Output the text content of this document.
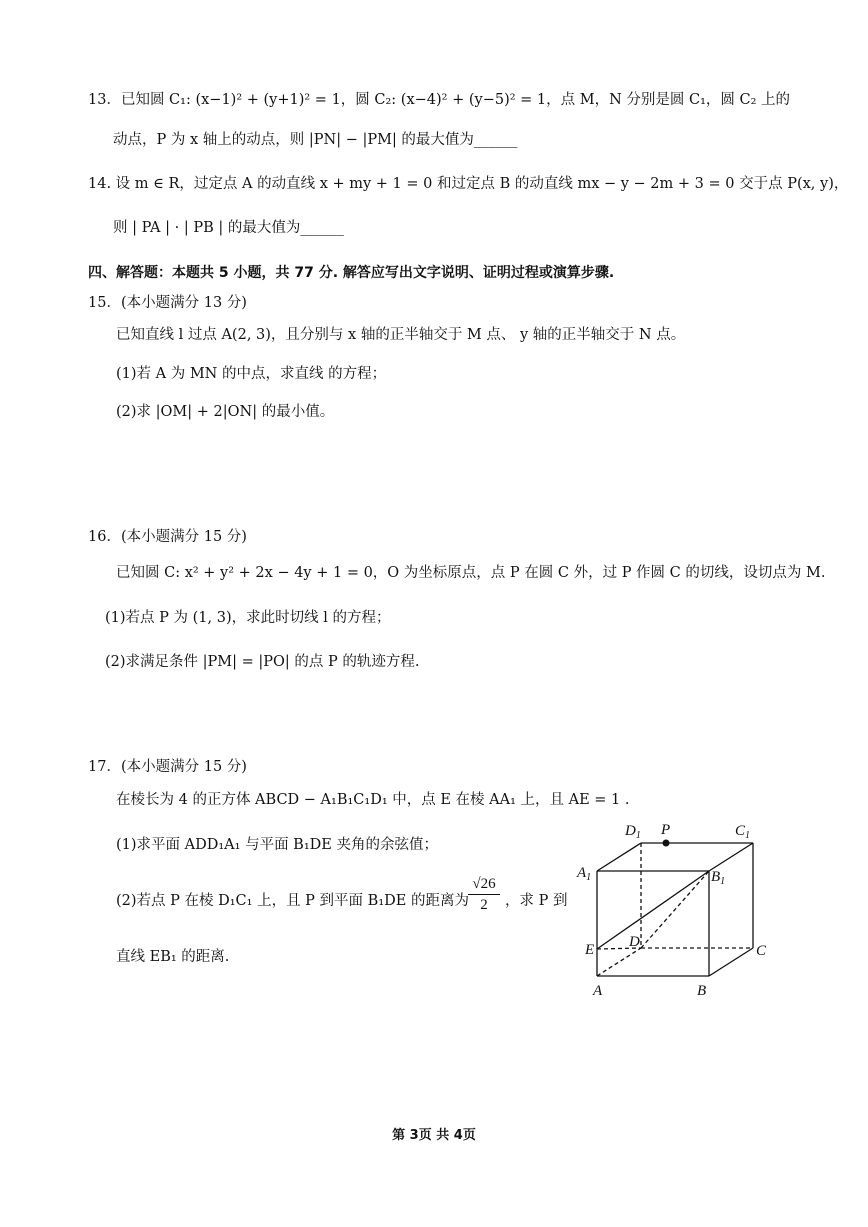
13．已知圆 C₁: (x−1)² + (y+1)² = 1，圆 C₂: (x−4)² + (y−5)² = 1，点 M，N 分别是圆 C₁，圆 C₂ 上的
动点，P 为 x 轴上的动点，则 |PN| − |PM| 的最大值为______
14. 设 m ∈ R，过定点 A 的动直线 x + my + 1 = 0 和过定点 B 的动直线 mx − y − 2m + 3 = 0 交于点 P(x, y)，
则 | PA | · | PB | 的最大值为______
四、解答题：本题共 5 小题，共 77 分. 解答应写出文字说明、证明过程或演算步骤.
15．(本小题满分 13 分)
已知直线 l 过点 A(2, 3)，且分别与 x 轴的正半轴交于 M 点、 y 轴的正半轴交于 N 点。
(1)若 A 为 MN 的中点，求直线 的方程；
(2)求 |OM| + 2|ON| 的最小值。
16．(本小题满分 15 分)
已知圆 C: x² + y² + 2x − 4y + 1 = 0，O 为坐标原点，点 P 在圆 C 外，过 P 作圆 C 的切线，设切点为 M.
(1)若点 P 为 (1, 3)，求此时切线 l 的方程；
(2)求满足条件 |PM| = |PO| 的点 P 的轨迹方程.
17．(本小题满分 15 分)
在棱长为 4 的正方体 ABCD − A₁B₁C₁D₁ 中，点 E 在棱 AA₁ 上，且 AE = 1 .
(1)求平面 ADD₁A₁ 与平面 B₁DE 夹角的余弦值；
(2)若点 P 在棱 D₁C₁ 上，且 P 到平面 B₁DE 的距离为
√26
2	，求 P 到
直线 EB₁ 的距离.
$D_1$ P	$C_1$
$A_1$	$B_1$
E D
C
A	B
第 3页 共 4页
